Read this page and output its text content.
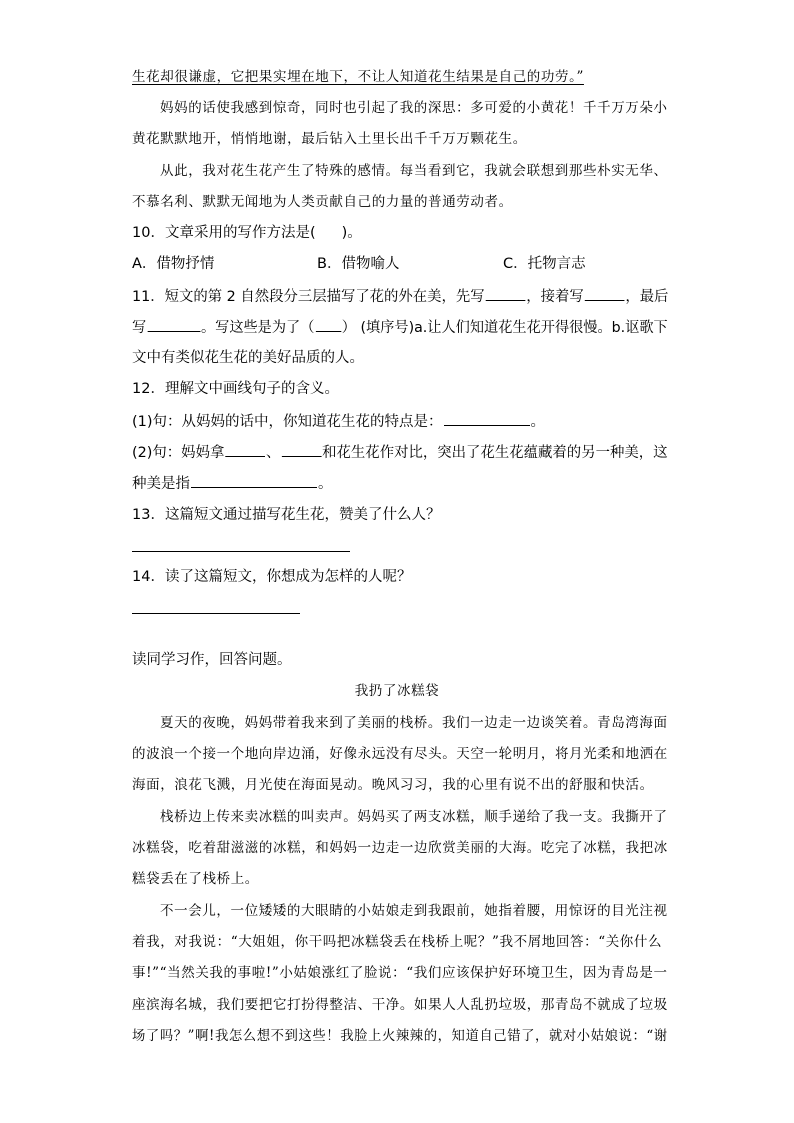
生花却很谦虚，它把果实埋在地下，不让人知道花生结果是自己的功劳。”
妈妈的话使我感到惊奇，同时也引起了我的深思：多可爱的小黄花！千千万万朵小
黄花默默地开，悄悄地谢，最后钻入土里长出千千万万颗花生。
从此，我对花生花产生了特殊的感情。每当看到它，我就会联想到那些朴实无华、
不慕名利、默默无闻地为人类贡献自己的力量的普通劳动者。
10．文章采用的写作方法是( )。
A．借物抒情	B．借物喻人	C．托物言志
11．短文的第 2 自然段分三层描写了花的外在美，先写	，接着写	，最后
写	。写这些是为了（ ） (填序号)a.让人们知道花生花开得很慢。b.讴歌下
文中有类似花生花的美好品质的人。
12．理解文中画线句子的含义。
(1)句：从妈妈的话中，你知道花生花的特点是：	。
(2)句：妈妈拿	、	和花生花作对比，突出了花生花蕴藏着的另一种美，这
种美是指	。
13．这篇短文通过描写花生花，赞美了什么人？
14．读了这篇短文，你想成为怎样的人呢？
读同学习作，回答问题。
我扔了冰糕袋
夏天的夜晚，妈妈带着我来到了美丽的栈桥。我们一边走一边谈笑着。青岛湾海面
的波浪一个接一个地向岸边涌，好像永远没有尽头。天空一轮明月，将月光柔和地洒在
海面，浪花飞溅，月光使在海面晃动。晚风习习，我的心里有说不出的舒服和快活。
栈桥边上传来卖冰糕的叫卖声。妈妈买了两支冰糕，顺手递给了我一支。我撕开了
冰糕袋，吃着甜滋滋的冰糕，和妈妈一边走一边欣赏美丽的大海。吃完了冰糕，我把冰
糕袋丢在了栈桥上。
不一会儿，一位矮矮的大眼睛的小姑娘走到我跟前，她指着腰，用惊讶的目光注视
着我，对我说：“大姐姐，你干吗把冰糕袋丢在栈桥上呢？”我不屑地回答：“关你什么
事!”“当然关我的事啦!”小姑娘涨红了脸说：“我们应该保护好环境卫生，因为青岛是一
座滨海名城，我们要把它打扮得整洁、干净。如果人人乱扔垃圾，那青岛不就成了垃圾
场了吗？”啊!我怎么想不到这些！我脸上火辣辣的，知道自己错了，就对小姑娘说：“谢
